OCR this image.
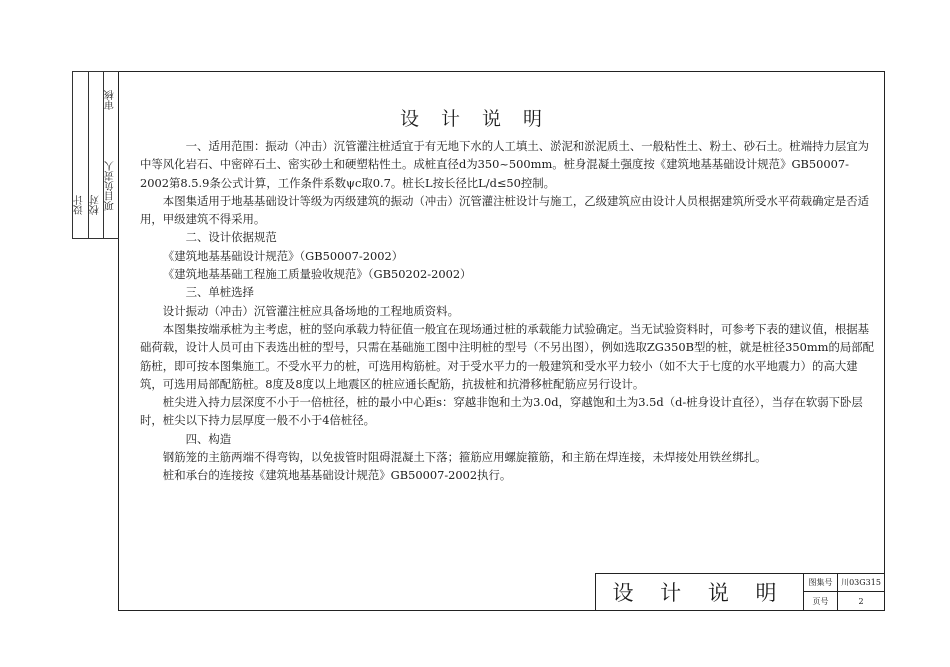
设计 校对
审核
项目负责人
设 计 说 明

一、适用范围：振动（冲击）沉管灌注桩适宜于有无地下水的人工填土、淤泥和淤泥质土、一般粘性土、粉土、砂石土。桩端持力层宜为中等风化岩石、中密碎石土、密实砂土和硬塑粘性土。成桩直径d为350~500mm。桩身混凝土强度按《建筑地基基础设计规范》GB50007-2002第8.5.9条公式计算，工作条件系数ψc取0.7。桩长L按长径比L/d≤50控制。

本图集适用于地基基础设计等级为丙级建筑的振动（冲击）沉管灌注桩设计与施工，乙级建筑应由设计人员根据建筑所受水平荷载确定是否适用，甲级建筑不得采用。

二、设计依据规范

《建筑地基基础设计规范》（GB50007-2002）

《建筑地基基础工程施工质量验收规范》（GB50202-2002）

三、单桩选择

设计振动（冲击）沉管灌注桩应具备场地的工程地质资料。

本图集按端承桩为主考虑，桩的竖向承载力特征值一般宜在现场通过桩的承载能力试验确定。当无试验资料时，可参考下表的建议值，根据基础荷载，设计人员可由下表选出桩的型号，只需在基础施工图中注明桩的型号（不另出图），例如选取ZG350B型的桩，就是桩径350mm的局部配筋桩，即可按本图集施工。不受水平力的桩，可选用构筋桩。对于受水平力的一般建筑和受水平力较小（如不大于七度的水平地震力）的高大建筑，可选用局部配筋桩。8度及8度以上地震区的桩应通长配筋，抗拔桩和抗滑移桩配筋应另行设计。

桩尖进入持力层深度不小于一倍桩径，桩的最小中心距s：穿越非饱和土为3.0d，穿越饱和土为3.5d（d-桩身设计直径），当存在软弱下卧层时，桩尖以下持力层厚度一般不小于4倍桩径。

四、构造

钢筋笼的主筋两端不得弯钩，以免拔管时阻碍混凝土下落；箍筋应用螺旋箍筋，和主筋在焊连接，未焊接处用铁丝绑扎。

桩和承台的连接按《建筑地基基础设计规范》GB50007-2002执行。

设 计 说 明	图集号	川03G315
页号	2
